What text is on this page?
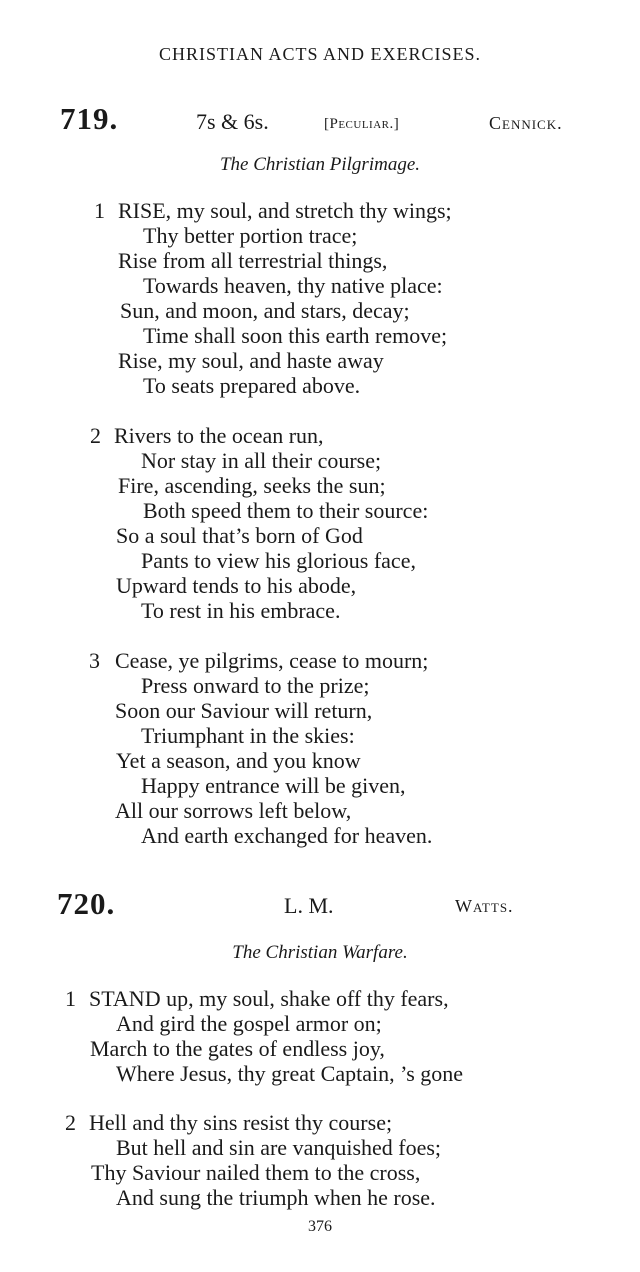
CHRISTIAN ACTS AND EXERCISES.
719.	7s & 6s.	[Peculiar.]	Cennick.
The Christian Pilgrimage.
1 RISE, my soul, and stretch thy wings;
Thy better portion trace;
Rise from all terrestrial things,
Towards heaven, thy native place:
Sun, and moon, and stars, decay;
Time shall soon this earth remove;
Rise, my soul, and haste away
To seats prepared above.
2 Rivers to the ocean run,
Nor stay in all their course;
Fire, ascending, seeks the sun;
Both speed them to their source:
So a soul that’s born of God
Pants to view his glorious face,
Upward tends to his abode,
To rest in his embrace.
3 Cease, ye pilgrims, cease to mourn;
Press onward to the prize;
Soon our Saviour will return,
Triumphant in the skies:
Yet a season, and you know
Happy entrance will be given,
All our sorrows left below,
And earth exchanged for heaven.
720.	L. M.	Watts.
The Christian Warfare.
1 STAND up, my soul, shake off thy fears,
And gird the gospel armor on;
March to the gates of endless joy,
Where Jesus, thy great Captain, ’s gone
2 Hell and thy sins resist thy course;
But hell and sin are vanquished foes;
Thy Saviour nailed them to the cross,
And sung the triumph when he rose.
376
